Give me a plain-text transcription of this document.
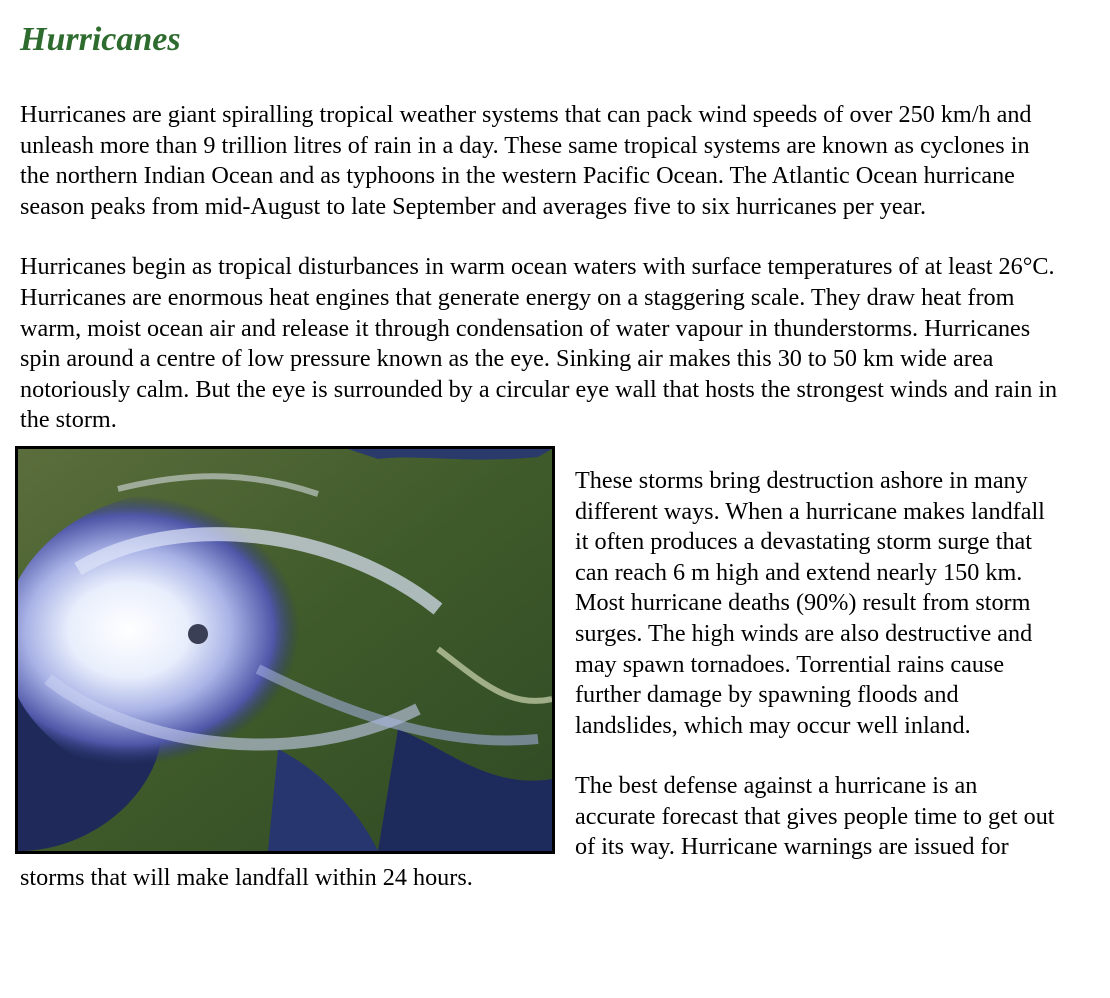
Hurricanes

Hurricanes are giant spiralling tropical weather systems that can pack wind speeds of over 250 km/h and unleash more than 9 trillion litres of rain in a day. These same tropical systems are known as cyclones in the northern Indian Ocean and as typhoons in the western Pacific Ocean. The Atlantic Ocean hurricane season peaks from mid-August to late September and averages five to six hurricanes per year.

Hurricanes begin as tropical disturbances in warm ocean waters with surface temperatures of at least 26°C. Hurricanes are enormous heat engines that generate energy on a staggering scale. They draw heat from warm, moist ocean air and release it through condensation of water vapour in thunderstorms. Hurricanes spin around a centre of low pressure known as the eye. Sinking air makes this 30 to 50 km wide area notoriously calm. But the eye is surrounded by a circular eye wall that hosts the strongest winds and rain in the storm.

These storms bring destruction ashore in many different ways. When a hurricane makes landfall it often produces a devastating storm surge that can reach 6 m high and extend nearly 150 km. Most hurricane deaths (90%) result from storm surges. The high winds are also destructive and may spawn tornadoes. Torrential rains cause further damage by spawning floods and landslides, which may occur well inland.

The best defense against a hurricane is an accurate forecast that gives people time to get out of its way. Hurricane warnings are issued for storms that will make landfall within 24 hours.
